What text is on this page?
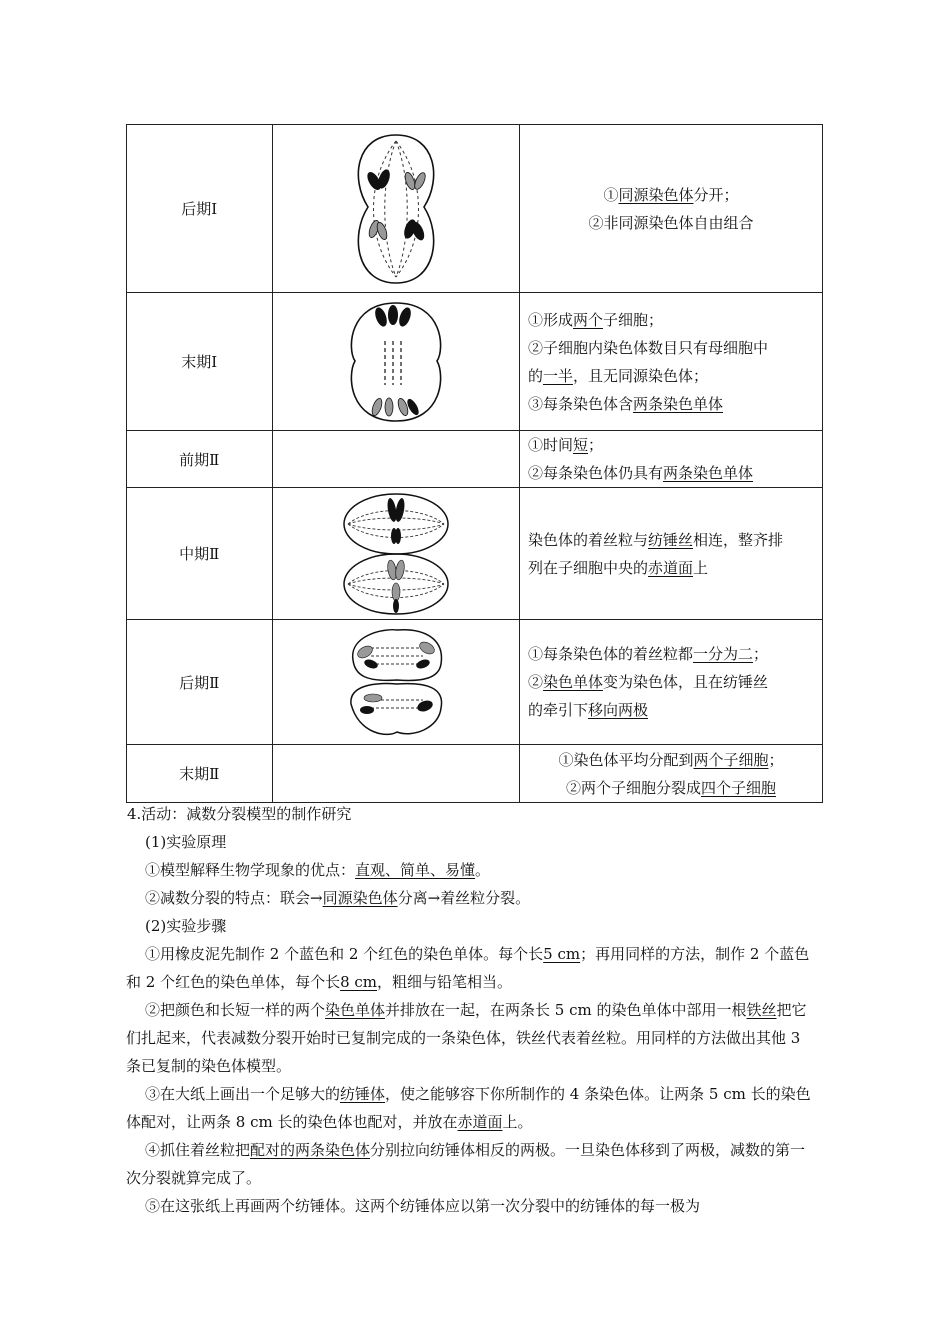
后期Ⅰ		①同源染色体分开；
②非同源染色体自由组合

末期Ⅰ		①形成两个子细胞；
②子细胞内染色体数目只有母细胞中
的一半，且无同源染色体；
③每条染色体含两条染色单体

前期Ⅱ		①时间短；
②每条染色体仍具有两条染色单体

中期Ⅱ		染色体的着丝粒与纺锤丝相连，整齐排
列在子细胞中央的赤道面上

后期Ⅱ		①每条染色体的着丝粒都一分为二；
②染色单体变为染色体，且在纺锤丝
的牵引下移向两极

末期Ⅱ		①染色体平均分配到两个子细胞；
②两个子细胞分裂成四个子细胞

4.活动：减数分裂模型的制作研究

(1)实验原理

①模型解释生物学现象的优点：直观、简单、易懂。

②减数分裂的特点：联会→同源染色体分离→着丝粒分裂。

(2)实验步骤

①用橡皮泥先制作 2 个蓝色和 2 个红色的染色单体。每个长5 cm；再用同样的方法，制作 2 个蓝色和 2 个红色的染色单体，每个长8 cm，粗细与铅笔相当。

②把颜色和长短一样的两个染色单体并排放在一起，在两条长 5 cm 的染色单体中部用一根铁丝把它们扎起来，代表减数分裂开始时已复制完成的一条染色体，铁丝代表着丝粒。用同样的方法做出其他 3 条已复制的染色体模型。

③在大纸上画出一个足够大的纺锤体，使之能够容下你所制作的 4 条染色体。让两条 5 cm 长的染色体配对，让两条 8 cm 长的染色体也配对，并放在赤道面上。

④抓住着丝粒把配对的两条染色体分别拉向纺锤体相反的两极。一旦染色体移到了两极，减数的第一次分裂就算完成了。

⑤在这张纸上再画两个纺锤体。这两个纺锤体应以第一次分裂中的纺锤体的每一极为
